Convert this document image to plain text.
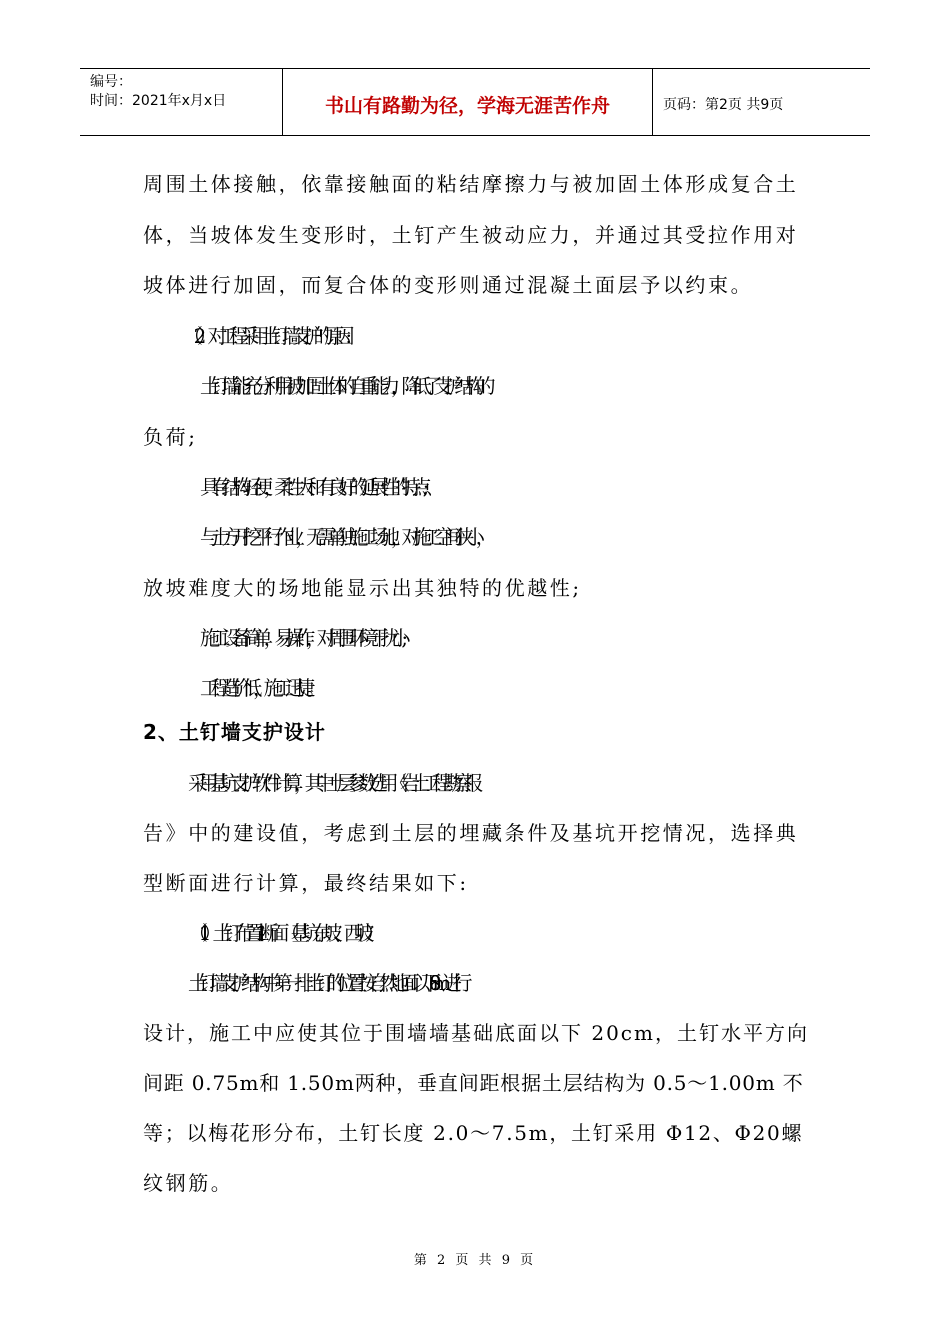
编号：
时间：2021年x月x日	书山有路勤为径，学海无涯苦作舟	页码：第2页 共9页

周围土体接触，依靠接触面的粘结摩擦力与被加固土体形成复合土

体，当坡体发生变形时，土钉产生被动应力，并通过其受拉作用对

坡体进行加固，而复合体的变形则通过混凝土面层予以约束。

（2）对工程采用土钉墙支护的原因:

土钉墙能充分利用被加固土体的自重能力，降低了支护结构的

负荷;

具有结构轻便，柔性大和有良好的延展性的特点;

与土方开挖平行作业，无需单独施工场地，对施工空间狭小，

放坡难度大的场地能显示出其独特的优越性;

施工设备简单，易操作，对周围环境干扰小;

工程造价低，施工迅捷。

2、土钉墙支护设计

采用基坑支护软件计算，其中土层参数选用《岩土工程勘察报

告》中的建设值，考虑到土层的埋藏条件及基坑开挖情况，选择典

型断面进行计算，最终结果如下:

（1）土钉布置1-1断面（基坑东坡、西坡）

土钉墙支护结构中第一排土钉的位置按自然地面以下 0.8m进行

设计，施工中应使其位于围墙墙基础底面以下 20cm，土钉水平方向

间距 0.75m和 1.50m两种，垂直间距根据土层结构为 0.5～1.00m 不

等；以梅花形分布，土钉长度 2.0～7.5m，土钉采用 Φ12、Φ20螺

纹钢筋。

第 2 页 共 9 页
